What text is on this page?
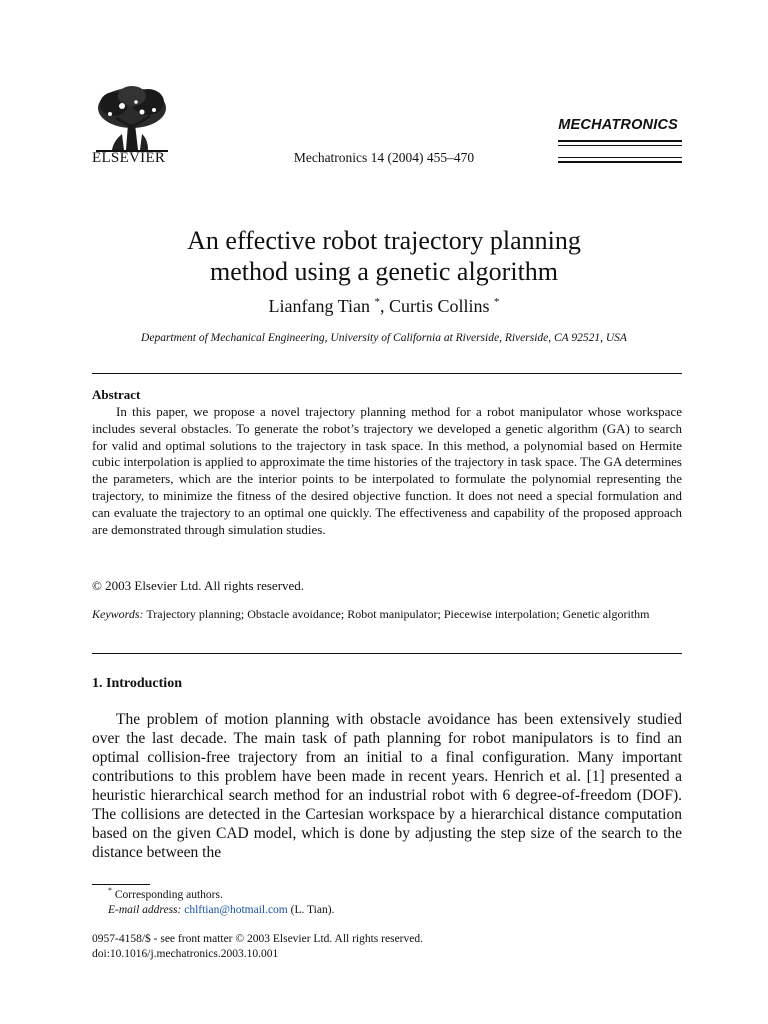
ELSEVIER	Mechatronics 14 (2004) 455–470
MECHATRONICS
An effective robot trajectory planning
method using a genetic algorithm
Lianfang Tian *, Curtis Collins *
Department of Mechanical Engineering, University of California at Riverside, Riverside, CA 92521, USA
Abstract

In this paper, we propose a novel trajectory planning method for a robot manipulator whose workspace includes several obstacles. To generate the robot’s trajectory we developed a genetic algorithm (GA) to search for valid and optimal solutions to the trajectory in task space. In this method, a polynomial based on Hermite cubic interpolation is applied to approximate the time histories of the trajectory in task space. The GA determines the parameters, which are the interior points to be interpolated to formulate the polynomial representing the trajectory, to minimize the fitness of the desired objective function. It does not need a special formulation and can evaluate the trajectory to an optimal one quickly. The effectiveness and capability of the proposed approach are demonstrated through simulation studies.

© 2003 Elsevier Ltd. All rights reserved.
Keywords: Trajectory planning; Obstacle avoidance; Robot manipulator; Piecewise interpolation; Genetic algorithm
1. Introduction

The problem of motion planning with obstacle avoidance has been extensively studied over the last decade. The main task of path planning for robot manipulators is to find an optimal collision-free trajectory from an initial to a final configuration. Many important contributions to this problem have been made in recent years. Henrich et al. [1] presented a heuristic hierarchical search method for an industrial robot with 6 degree-of-freedom (DOF). The collisions are detected in the Cartesian workspace by a hierarchical distance computation based on the given CAD model, which is done by adjusting the step size of the search to the distance between the

* Corresponding authors.
E-mail address: chlftian@hotmail.com (L. Tian).
0957-4158/$ - see front matter © 2003 Elsevier Ltd. All rights reserved.
doi:10.1016/j.mechatronics.2003.10.001
